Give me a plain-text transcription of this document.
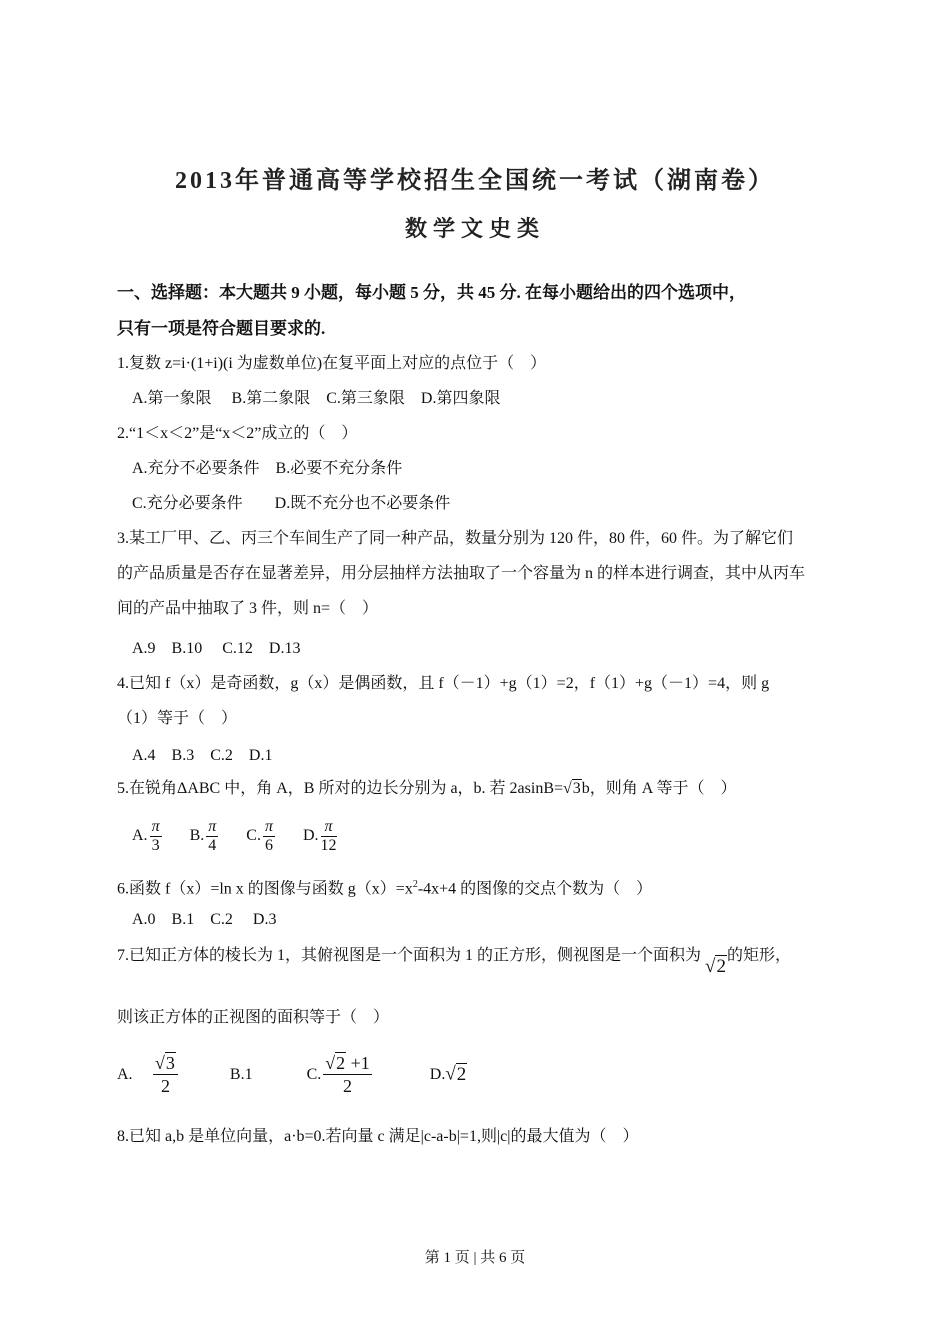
2013年普通高等学校招生全国统一考试（湖南卷）
数学文史类
一、选择题：本大题共 9 小题，每小题 5 分，共 45 分. 在每小题给出的四个选项中，
只有一项是符合题目要求的.
1.复数 z=i·(1+i)(i 为虚数单位)在复平面上对应的点位于（　）
A.第一象限　 B.第二象限　C.第三象限　D.第四象限
2.“1＜x＜2”是“x＜2”成立的（　）
A.充分不必要条件　B.必要不充分条件
C.充分必要条件　　D.既不充分也不必要条件
3.某工厂甲、乙、丙三个车间生产了同一种产品，数量分别为 120 件，80 件，60 件。为了解它们
的产品质量是否存在显著差异，用分层抽样方法抽取了一个容量为 n 的样本进行调查，其中从丙车
间的产品中抽取了 3 件，则 n=（　）
A.9　B.10　 C.12　D.13
4.已知 f（x）是奇函数，g（x）是偶函数，且 f（－1）+g（1）=2，f（1）+g（－1）=4，则 g
（1）等于（　）
A.4　B.3　C.2　D.1
5.在锐角ΔABC 中，角 A，B 所对的边长分别为 a，b. 若 2asinB=√3b，则角 A 等于（　）
A. $\frac{\pi}{3} B$. $\frac{\pi}{4} C$. $\frac{\pi}{6} D$. $\frac{\pi}{12}$
6.函数 f（x）=ln x 的图像与函数 $g(x)=x^2-4x+4$ 的图像的交点个数为（　）
A.0　B.1　C.2　 D.3
7.已知正方体的棱长为 1，其俯视图是一个面积为 1 的正方形，侧视图是一个面积为 √2的矩形，
则该正方体的正视图的面积等于（　）
A. $\frac{√3}{2}$	B.1	C. $\frac{√2 +1}{2}$	D.√2
8.已知 a,b 是单位向量，a·b=0.若向量 c 满足|c-a-b|=1,则|c|的最大值为（　）
第 1 页 | 共 6 页
